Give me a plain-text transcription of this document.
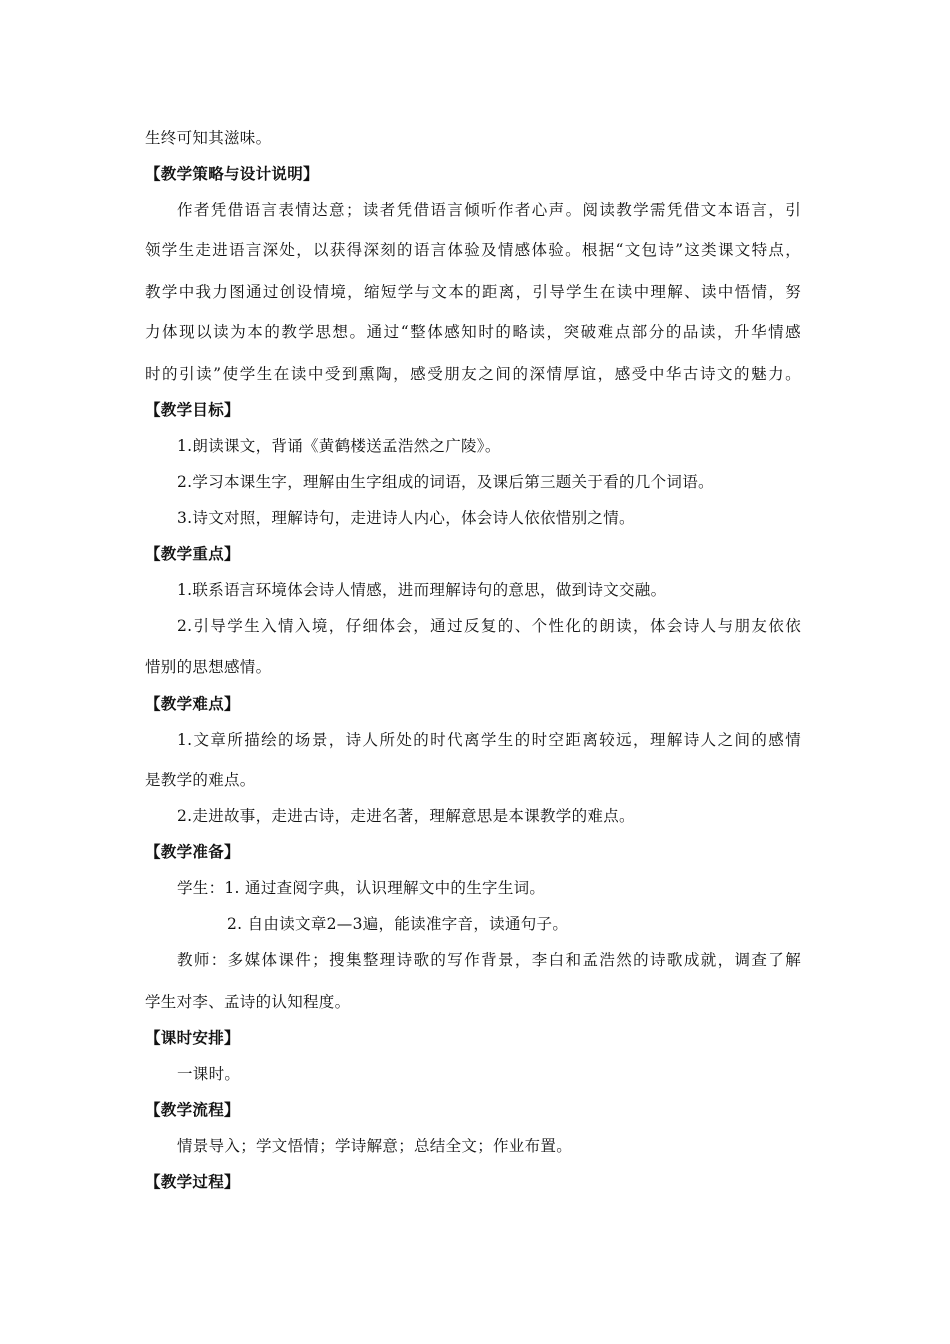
生终可知其滋味。
【教学策略与设计说明】
作者凭借语言表情达意；读者凭借语言倾听作者心声。阅读教学需凭借文本语言，引
领学生走进语言深处，以获得深刻的语言体验及情感体验。根据“文包诗”这类课文特点，
教学中我力图通过创设情境，缩短学与文本的距离，引导学生在读中理解、读中悟情，努
力体现以读为本的教学思想。通过“整体感知时的略读，突破难点部分的品读，升华情感
时的引读”使学生在读中受到熏陶，感受朋友之间的深情厚谊，感受中华古诗文的魅力。
【教学目标】
1.朗读课文，背诵《黄鹤楼送孟浩然之广陵》。
2.学习本课生字，理解由生字组成的词语，及课后第三题关于看的几个词语。
3.诗文对照，理解诗句，走进诗人内心，体会诗人依依惜别之情。
【教学重点】
1.联系语言环境体会诗人情感，进而理解诗句的意思，做到诗文交融。
2.引导学生入情入境，仔细体会，通过反复的、个性化的朗读，体会诗人与朋友依依
惜别的思想感情。
【教学难点】
1.文章所描绘的场景，诗人所处的时代离学生的时空距离较远，理解诗人之间的感情
是教学的难点。
2.走进故事，走进古诗，走进名著，理解意思是本课教学的难点。
【教学准备】
学生：1. 通过查阅字典，认识理解文中的生字生词。
2. 自由读文章2—3遍，能读准字音，读通句子。
教师：多媒体课件；搜集整理诗歌的写作背景，李白和孟浩然的诗歌成就，调查了解
学生对李、孟诗的认知程度。
【课时安排】
一课时。
【教学流程】
情景导入；学文悟情；学诗解意；总结全文；作业布置。
【教学过程】
